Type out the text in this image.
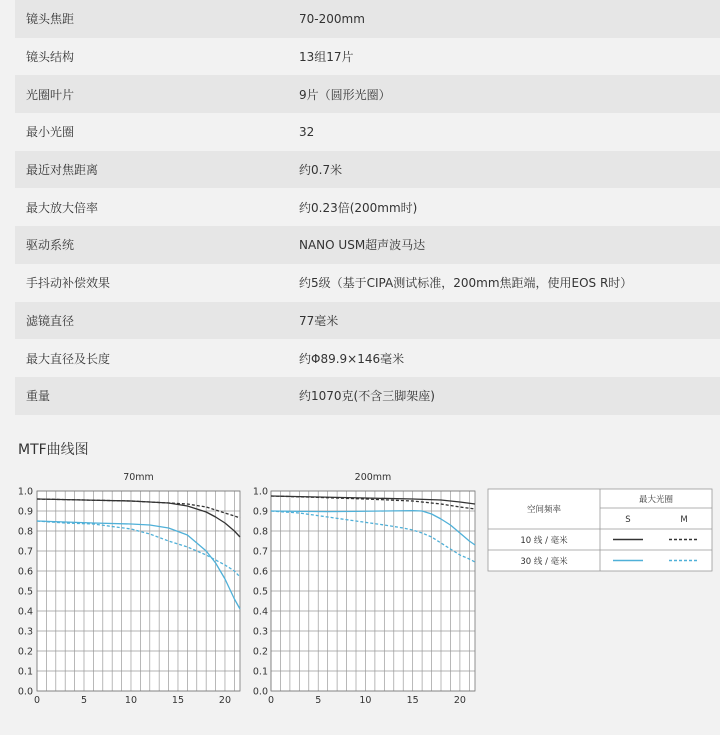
镜头焦距	70-200mm
镜头结构	13组17片
光圈叶片	9片（圆形光圈）
最小光圈	32
最近对焦距离	约0.7米
最大放大倍率	约0.23倍(200mm时)
驱动系统	NANO USM超声波马达
手抖动补偿效果	约5级（基于CIPA测试标准，200mm焦距端，使用EOS R时）
滤镜直径	77毫米
最大直径及长度	约Φ89.9×146毫米
重量	约1070克(不含三脚架座)
MTF曲线图
0.0
0.1
0.2
0.3
0.4
0.5
0.6
0.7
0.8
0.9
1.0
0	5	10	15	20
70mm
0.0
0.1
0.2
0.3
0.4
0.5
0.6
0.7
0.8
0.9
1.0
0	5	10	15	20
200mm
空间频率
最大光圈
S	M
10 线 / 毫米
30 线 / 毫米
